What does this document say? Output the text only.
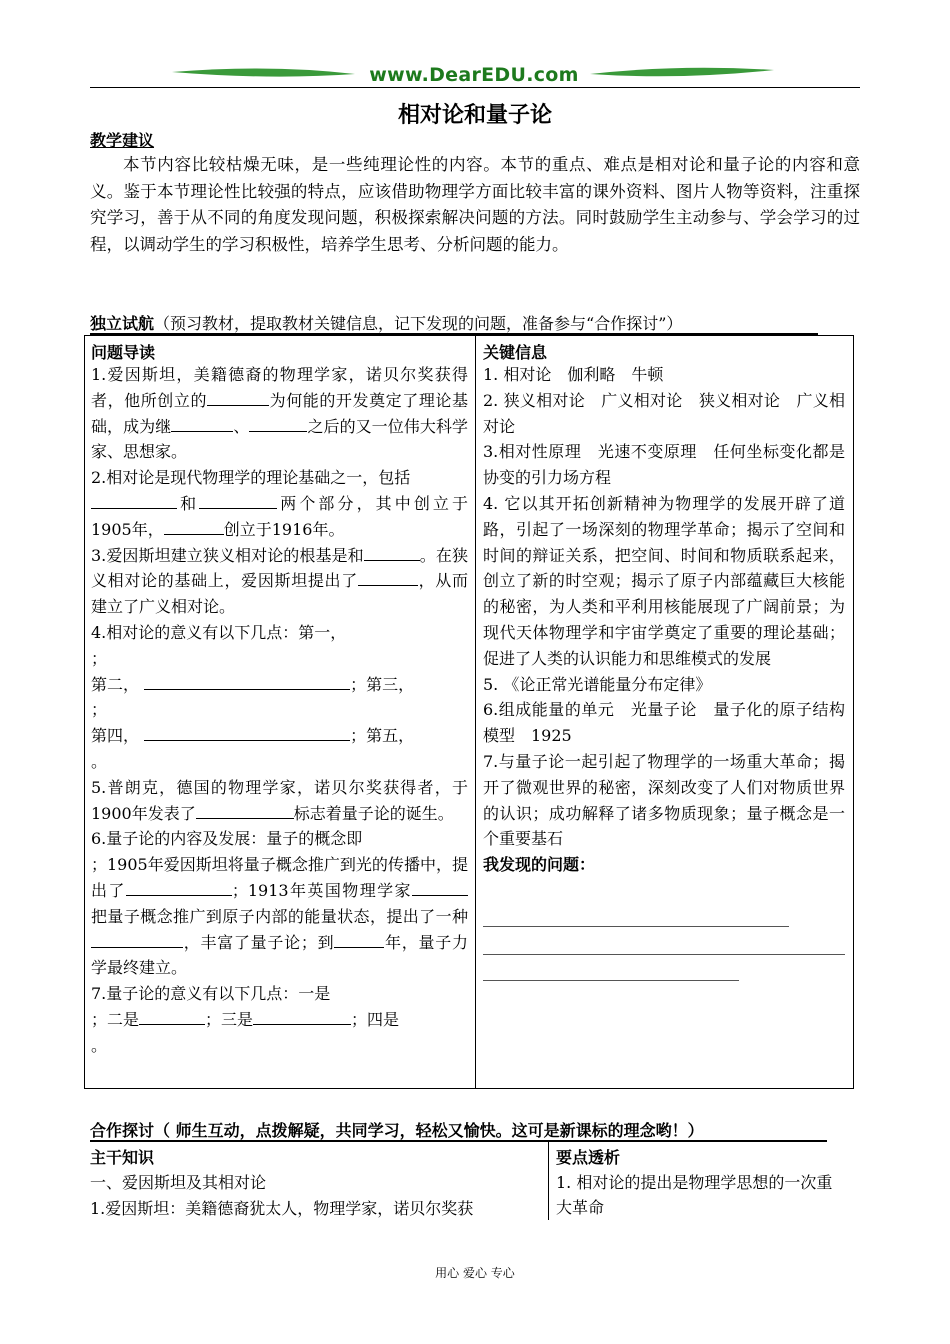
www.DearEDU.com
相对论和量子论
教学建议
本节内容比较枯燥无味，是一些纯理论性的内容。本节的重点、难点是相对论和量子论的内容和意义。鉴于本节理论性比较强的特点，应该借助物理学方面比较丰富的课外资料、图片人物等资料，注重探究学习，善于从不同的角度发现问题，积极探索解决问题的方法。同时鼓励学生主动参与、学会学习的过程，以调动学生的学习积极性，培养学生思考、分析问题的能力。
独立试航（预习教材，提取教材关键信息，记下发现的问题，准备参与“合作探讨”）
问题导读
1.爱因斯坦，美籍德裔的物理学家，诺贝尔奖获得者，他所创立的	为何能的开发奠定了理论基础，成为继	、	之后的又一位伟大科学家、思想家。
2.相对论是现代物理学的理论基础之一，包括
和	两个部分，其中创立于1905年，	创立于1916年。
3.爱因斯坦建立狭义相对论的根基是和	。在狭义相对论的基础上，爱因斯坦提出了	，从而建立了广义相对论。
4.相对论的意义有以下几点：第一，
；
第二，	；第三，
；
第四，	；第五，
。
5.普朗克，德国的物理学家，诺贝尔奖获得者，于1900年发表了	标志着量子论的诞生。
6.量子论的内容及发展：量子的概念即
；1905年爱因斯坦将量子概念推广到光的传播中，提出了	；1913年英国物理学家把量子概念推广到原子内部的能量状态，提出了一种，丰富了量子论；到	年，量子力学最终建立。
7.量子论的意义有以下几点：一是
；二是	；三是	；四是
。
关键信息
1. 相对论　伽利略　牛顿
2. 狭义相对论　广义相对论　狭义相对论　广义相对论
3.相对性原理　光速不变原理　任何坐标变化都是协变的引力场方程
4. 它以其开拓创新精神为物理学的发展开辟了道路，引起了一场深刻的物理学革命；揭示了空间和时间的辩证关系，把空间、时间和物质联系起来，创立了新的时空观；揭示了原子内部蕴藏巨大核能的秘密，为人类和平利用核能展现了广阔前景；为现代天体物理学和宇宙学奠定了重要的理论基础；促进了人类的认识能力和思维模式的发展
5. 《论正常光谱能量分布定律》
6.组成能量的单元　光量子论　量子化的原子结构模型　1925
7.与量子论一起引起了物理学的一场重大革命；揭开了微观世界的秘密，深刻改变了人们对物质世界的认识；成功解释了诸多物质现象；量子概念是一个重要基石
我发现的问题：
合作探讨（ 师生互动，点拨解疑，共同学习，轻松又愉快。这可是新课标的理念哟！）
主干知识
一、爱因斯坦及其相对论
1.爱因斯坦：美籍德裔犹太人，物理学家，诺贝尔奖获
要点透析
1. 相对论的提出是物理学思想的一次重大革命
用心 爱心 专心
